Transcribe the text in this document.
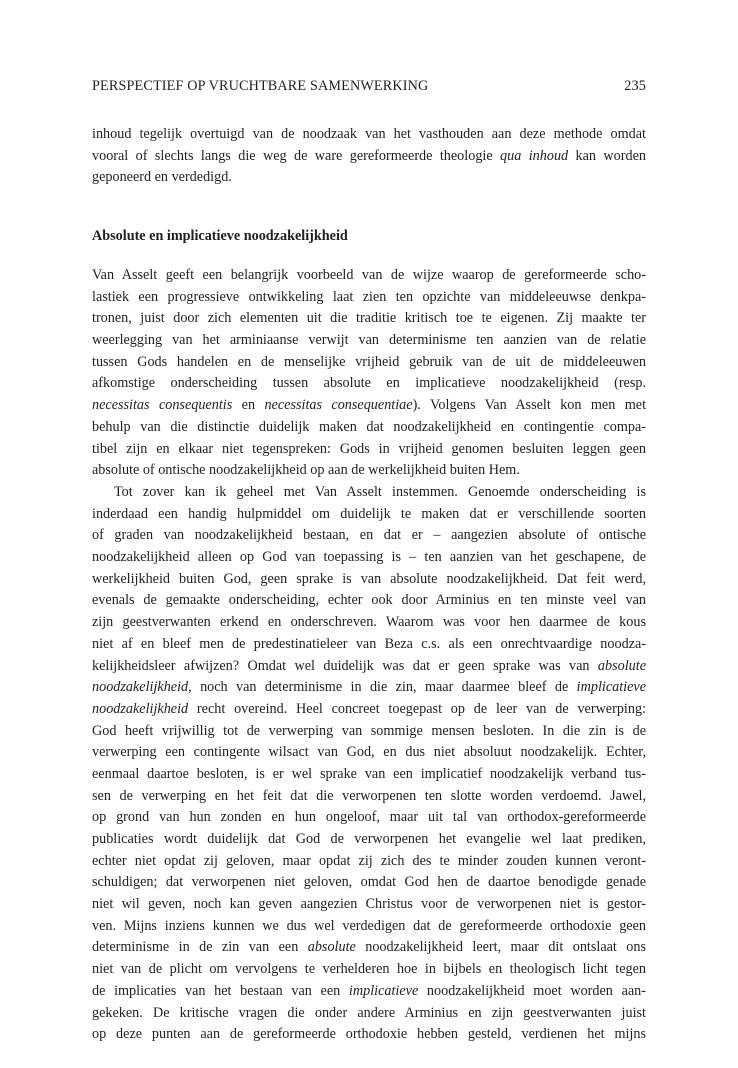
PERSPECTIEF OP VRUCHTBARE SAMENWERKING	235
inhoud tegelijk overtuigd van de noodzaak van het vasthouden aan deze methode omdat
vooral of slechts langs die weg de ware gereformeerde theologie qua inhoud kan worden
geponeerd en verdedigd.
Absolute en implicatieve noodzakelijkheid
Van Asselt geeft een belangrijk voorbeeld van de wijze waarop de gereformeerde scho-
lastiek een progressieve ontwikkeling laat zien ten opzichte van middeleeuwse denkpa-
tronen, juist door zich elementen uit die traditie kritisch toe te eigenen. Zij maakte ter
weerlegging van het arminiaanse verwijt van determinisme ten aanzien van de relatie
tussen Gods handelen en de menselijke vrijheid gebruik van de uit de middeleeuwen
afkomstige onderscheiding tussen absolute en implicatieve noodzakelijkheid (resp.
necessitas consequentis en necessitas consequentiae). Volgens Van Asselt kon men met
behulp van die distinctie duidelijk maken dat noodzakelijkheid en contingentie compa-
tibel zijn en elkaar niet tegenspreken: Gods in vrijheid genomen besluiten leggen geen
absolute of ontische noodzakelijkheid op aan de werkelijkheid buiten Hem.
Tot zover kan ik geheel met Van Asselt instemmen. Genoemde onderscheiding is
inderdaad een handig hulpmiddel om duidelijk te maken dat er verschillende soorten
of graden van noodzakelijkheid bestaan, en dat er – aangezien absolute of ontische
noodzakelijkheid alleen op God van toepassing is – ten aanzien van het geschapene, de
werkelijkheid buiten God, geen sprake is van absolute noodzakelijkheid. Dat feit werd,
evenals de gemaakte onderscheiding, echter ook door Arminius en ten minste veel van
zijn geestverwanten erkend en onderschreven. Waarom was voor hen daarmee de kous
niet af en bleef men de predestinatieleer van Beza c.s. als een onrechtvaardige noodza-
kelijkheidsleer afwijzen? Omdat wel duidelijk was dat er geen sprake was van absolute
noodzakelijkheid, noch van determinisme in die zin, maar daarmee bleef de implicatieve
noodzakelijkheid recht overeind. Heel concreet toegepast op de leer van de verwerping:
God heeft vrijwillig tot de verwerping van sommige mensen besloten. In die zin is de
verwerping een contingente wilsact van God, en dus niet absoluut noodzakelijk. Echter,
eenmaal daartoe besloten, is er wel sprake van een implicatief noodzakelijk verband tus-
sen de verwerping en het feit dat die verworpenen ten slotte worden verdoemd. Jawel,
op grond van hun zonden en hun ongeloof, maar uit tal van orthodox-gereformeerde
publicaties wordt duidelijk dat God de verworpenen het evangelie wel laat prediken,
echter niet opdat zij geloven, maar opdat zij zich des te minder zouden kunnen veront-
schuldigen; dat verworpenen niet geloven, omdat God hen de daartoe benodigde genade
niet wil geven, noch kan geven aangezien Christus voor de verworpenen niet is gestor-
ven. Mijns inziens kunnen we dus wel verdedigen dat de gereformeerde orthodoxie geen
determinisme in de zin van een absolute noodzakelijkheid leert, maar dit ontslaat ons
niet van de plicht om vervolgens te verhelderen hoe in bijbels en theologisch licht tegen
de implicaties van het bestaan van een implicatieve noodzakelijkheid moet worden aan-
gekeken. De kritische vragen die onder andere Arminius en zijn geestverwanten juist
op deze punten aan de gereformeerde orthodoxie hebben gesteld, verdienen het mijns
